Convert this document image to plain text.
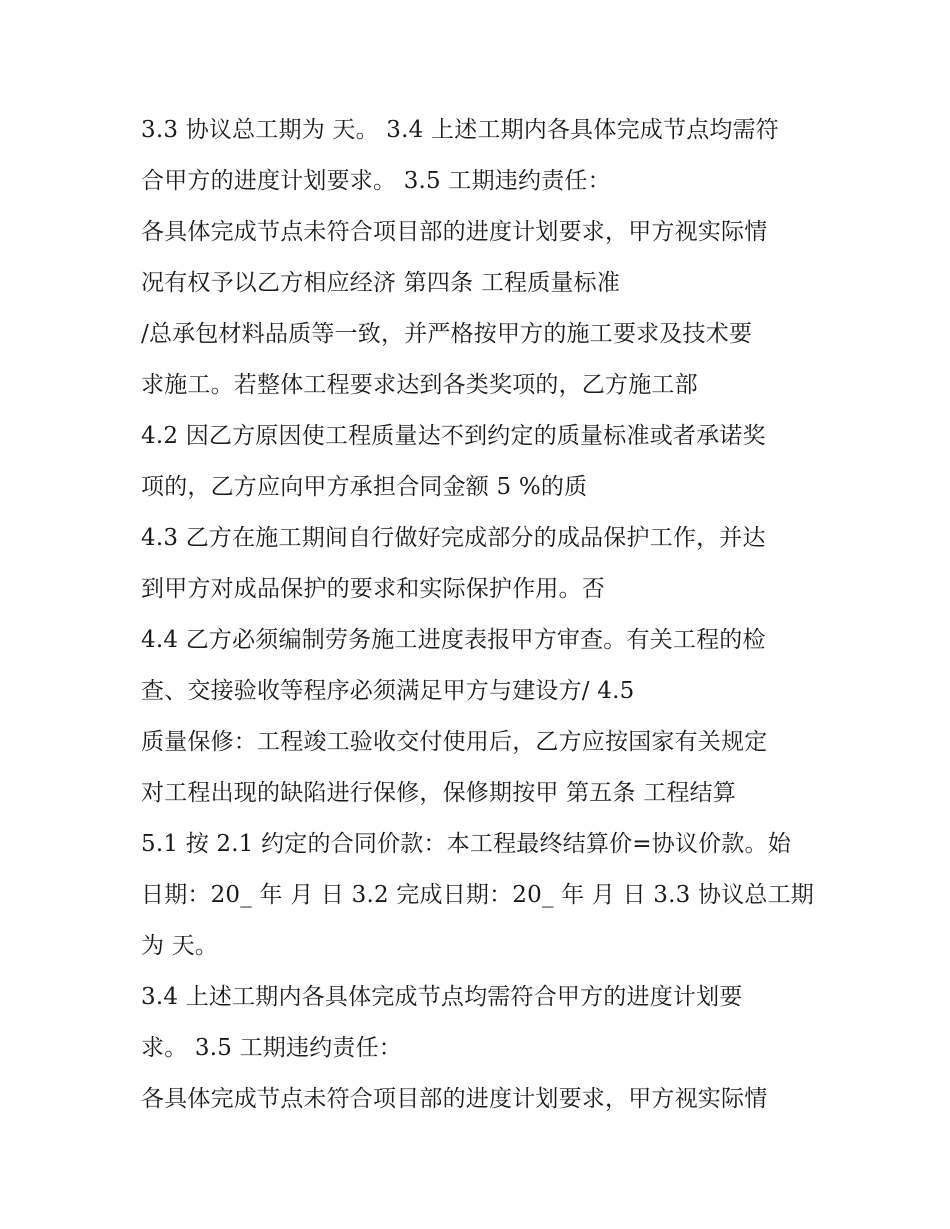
3.3 协议总工期为 天。 3.4 上述工期内各具体完成节点均需符
合甲方的进度计划要求。 3.5 工期违约责任：
各具体完成节点未符合项目部的进度计划要求，甲方视实际情
况有权予以乙方相应经济 第四条 工程质量标准
/总承包材料品质等一致，并严格按甲方的施工要求及技术要
求施工。若整体工程要求达到各类奖项的，乙方施工部
4.2 因乙方原因使工程质量达不到约定的质量标准或者承诺奖
项的，乙方应向甲方承担合同金额 5 %的质
4.3 乙方在施工期间自行做好完成部分的成品保护工作，并达
到甲方对成品保护的要求和实际保护作用。否
4.4 乙方必须编制劳务施工进度表报甲方审查。有关工程的检
查、交接验收等程序必须满足甲方与建设方/ 4.5
质量保修：工程竣工验收交付使用后，乙方应按国家有关规定
对工程出现的缺陷进行保修，保修期按甲 第五条 工程结算
5.1 按 2.1 约定的合同价款：本工程最终结算价=协议价款。始
日期：20_ 年 月 日 3.2 完成日期：20_ 年 月 日 3.3 协议总工期
为 天。
3.4 上述工期内各具体完成节点均需符合甲方的进度计划要
求。 3.5 工期违约责任：
各具体完成节点未符合项目部的进度计划要求，甲方视实际情
